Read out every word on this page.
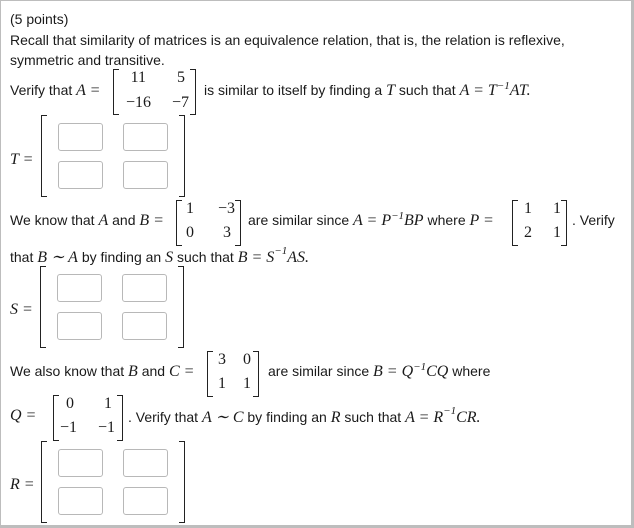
(5 points)
Recall that similarity of matrices is an equivalence relation, that is, the relation is reflexive,
symmetric and transitive.
Verify that A =
11	5
−16	−7
is similar to itself by finding a T such that $A = T^{-1}AT$.
T =
We know that A and B =
1	−3
0	3
are similar since $A = P^{-1}BP$ where P =
1	1
2	1
. Verify
that B ∼ A by finding an S such that $B = S^{-1}AS$.
S =
We also know that B and C =
3	0
1	1
are similar since $B = Q^{-1}CQ$ where
Q =
0	1
−1	−1
. Verify that A ∼ C by finding an R such that $A = R^{-1}CR$.
R =
